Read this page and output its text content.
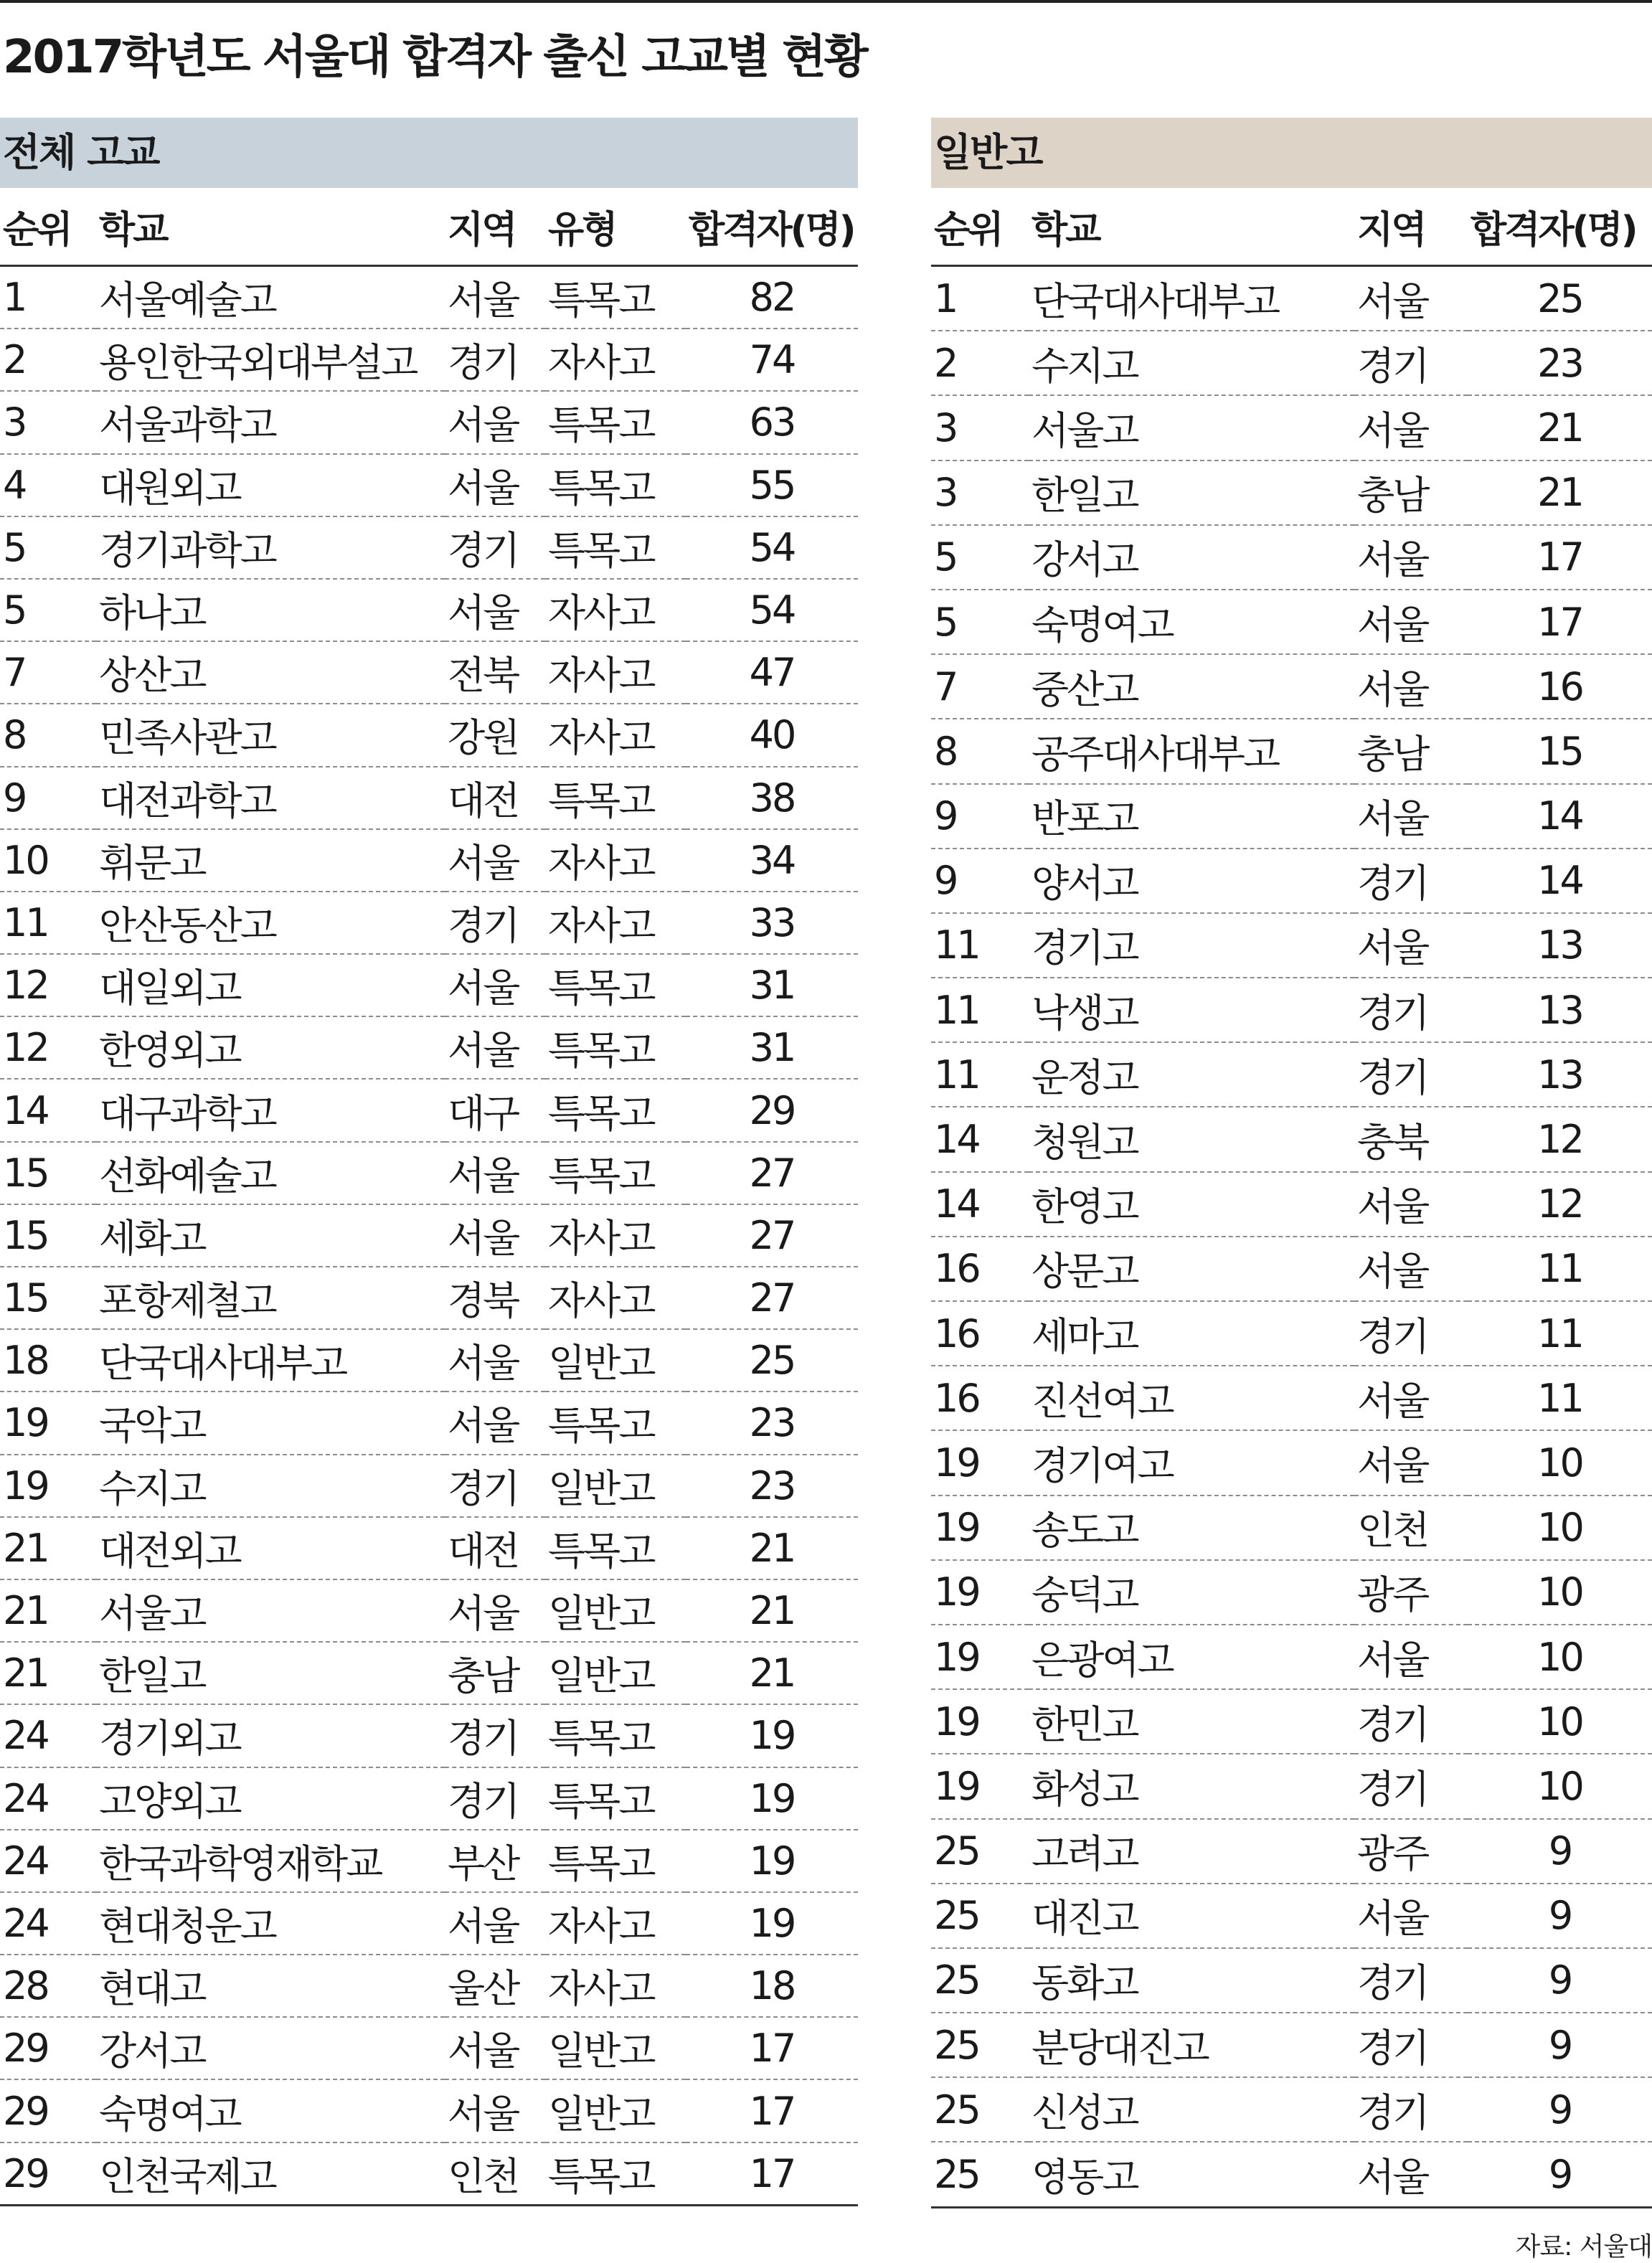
2017학년도 서울대 합격자 출신 고교별 현황
전체 고교
순위	학교	지역	유형	합격자(명)
1	서울예술고	서울	특목고	82
2	용인한국외대부설고	경기	자사고	74
3	서울과학고	서울	특목고	63
4	대원외고	서울	특목고	55
5	경기과학고	경기	특목고	54
5	하나고	서울	자사고	54
7	상산고	전북	자사고	47
8	민족사관고	강원	자사고	40
9	대전과학고	대전	특목고	38
10	휘문고	서울	자사고	34
11	안산동산고	경기	자사고	33
12	대일외고	서울	특목고	31
12	한영외고	서울	특목고	31
14	대구과학고	대구	특목고	29
15	선화예술고	서울	특목고	27
15	세화고	서울	자사고	27
15	포항제철고	경북	자사고	27
18	단국대사대부고	서울	일반고	25
19	국악고	서울	특목고	23
19	수지고	경기	일반고	23
21	대전외고	대전	특목고	21
21	서울고	서울	일반고	21
21	한일고	충남	일반고	21
24	경기외고	경기	특목고	19
24	고양외고	경기	특목고	19
24	한국과학영재학교	부산	특목고	19
24	현대청운고	서울	자사고	19
28	현대고	울산	자사고	18
29	강서고	서울	일반고	17
29	숙명여고	서울	일반고	17
29	인천국제고	인천	특목고	17
일반고
순위	학교	지역	합격자(명)
1	단국대사대부고	서울	25
2	수지고	경기	23
3	서울고	서울	21
3	한일고	충남	21
5	강서고	서울	17
5	숙명여고	서울	17
7	중산고	서울	16
8	공주대사대부고	충남	15
9	반포고	서울	14
9	양서고	경기	14
11	경기고	서울	13
11	낙생고	경기	13
11	운정고	경기	13
14	청원고	충북	12
14	한영고	서울	12
16	상문고	서울	11
16	세마고	경기	11
16	진선여고	서울	11
19	경기여고	서울	10
19	송도고	인천	10
19	숭덕고	광주	10
19	은광여고	서울	10
19	한민고	경기	10
19	화성고	경기	10
25	고려고	광주	9
25	대진고	서울	9
25	동화고	경기	9
25	분당대진고	경기	9
25	신성고	경기	9
25	영동고	서울	9
자료: 서울대
